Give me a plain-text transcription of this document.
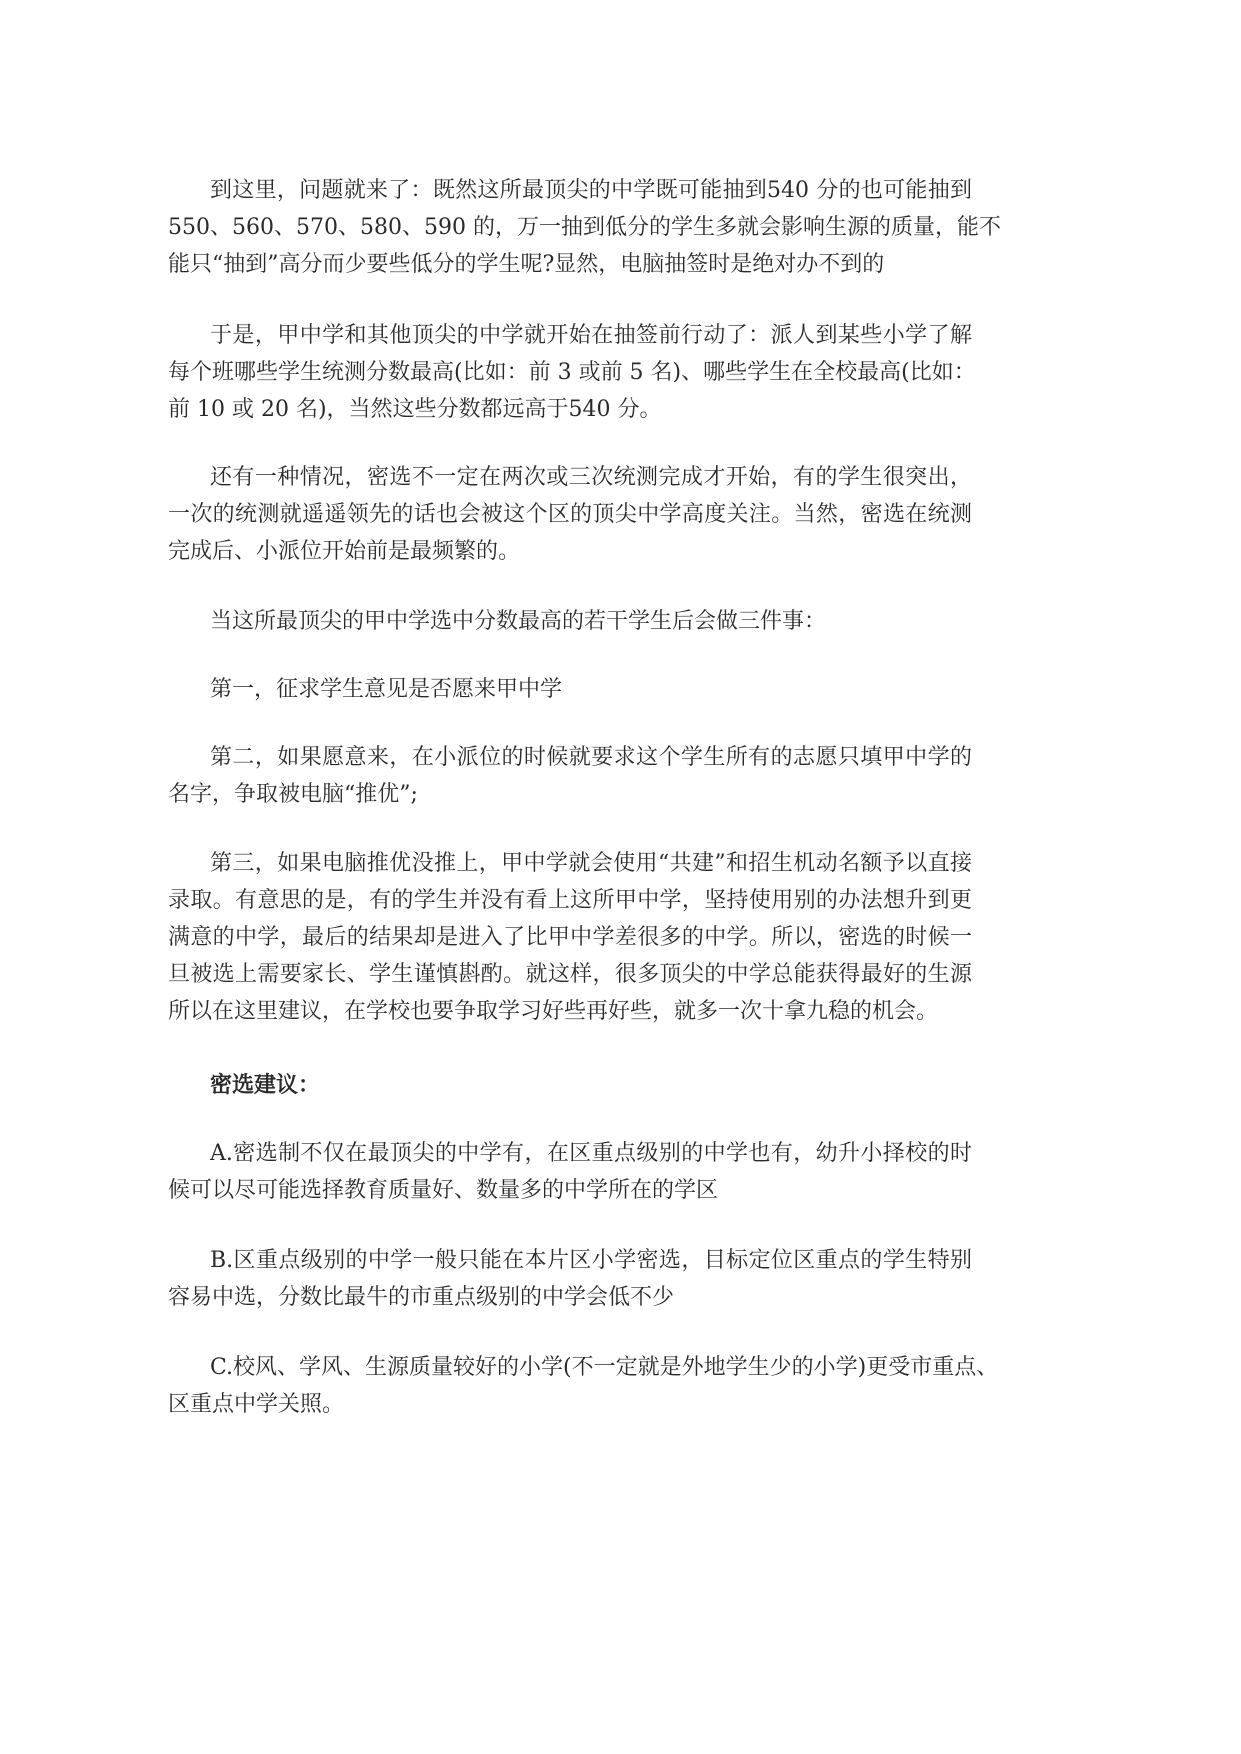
到这里，问题就来了：既然这所最顶尖的中学既可能抽到540 分的也可能抽到
550、560、570、580、590 的，万一抽到低分的学生多就会影响生源的质量，能不
能只“抽到”高分而少要些低分的学生呢?显然，电脑抽签时是绝对办不到的
于是，甲中学和其他顶尖的中学就开始在抽签前行动了：派人到某些小学了解
每个班哪些学生统测分数最高(比如：前 3 或前 5 名)、哪些学生在全校最高(比如：
前 10 或 20 名)，当然这些分数都远高于540 分。
还有一种情况，密选不一定在两次或三次统测完成才开始，有的学生很突出，
一次的统测就遥遥领先的话也会被这个区的顶尖中学高度关注。当然，密选在统测
完成后、小派位开始前是最频繁的。
当这所最顶尖的甲中学选中分数最高的若干学生后会做三件事：
第一，征求学生意见是否愿来甲中学
第二，如果愿意来，在小派位的时候就要求这个学生所有的志愿只填甲中学的
名字，争取被电脑“推优”;
第三，如果电脑推优没推上，甲中学就会使用“共建”和招生机动名额予以直接
录取。有意思的是，有的学生并没有看上这所甲中学，坚持使用别的办法想升到更
满意的中学，最后的结果却是进入了比甲中学差很多的中学。所以，密选的时候一
旦被选上需要家长、学生谨慎斟酌。就这样，很多顶尖的中学总能获得最好的生源
所以在这里建议，在学校也要争取学习好些再好些，就多一次十拿九稳的机会。
密选建议：
A.密选制不仅在最顶尖的中学有，在区重点级别的中学也有，幼升小择校的时
候可以尽可能选择教育质量好、数量多的中学所在的学区
B.区重点级别的中学一般只能在本片区小学密选，目标定位区重点的学生特别
容易中选，分数比最牛的市重点级别的中学会低不少
C.校风、学风、生源质量较好的小学(不一定就是外地学生少的小学)更受市重点、
区重点中学关照。
